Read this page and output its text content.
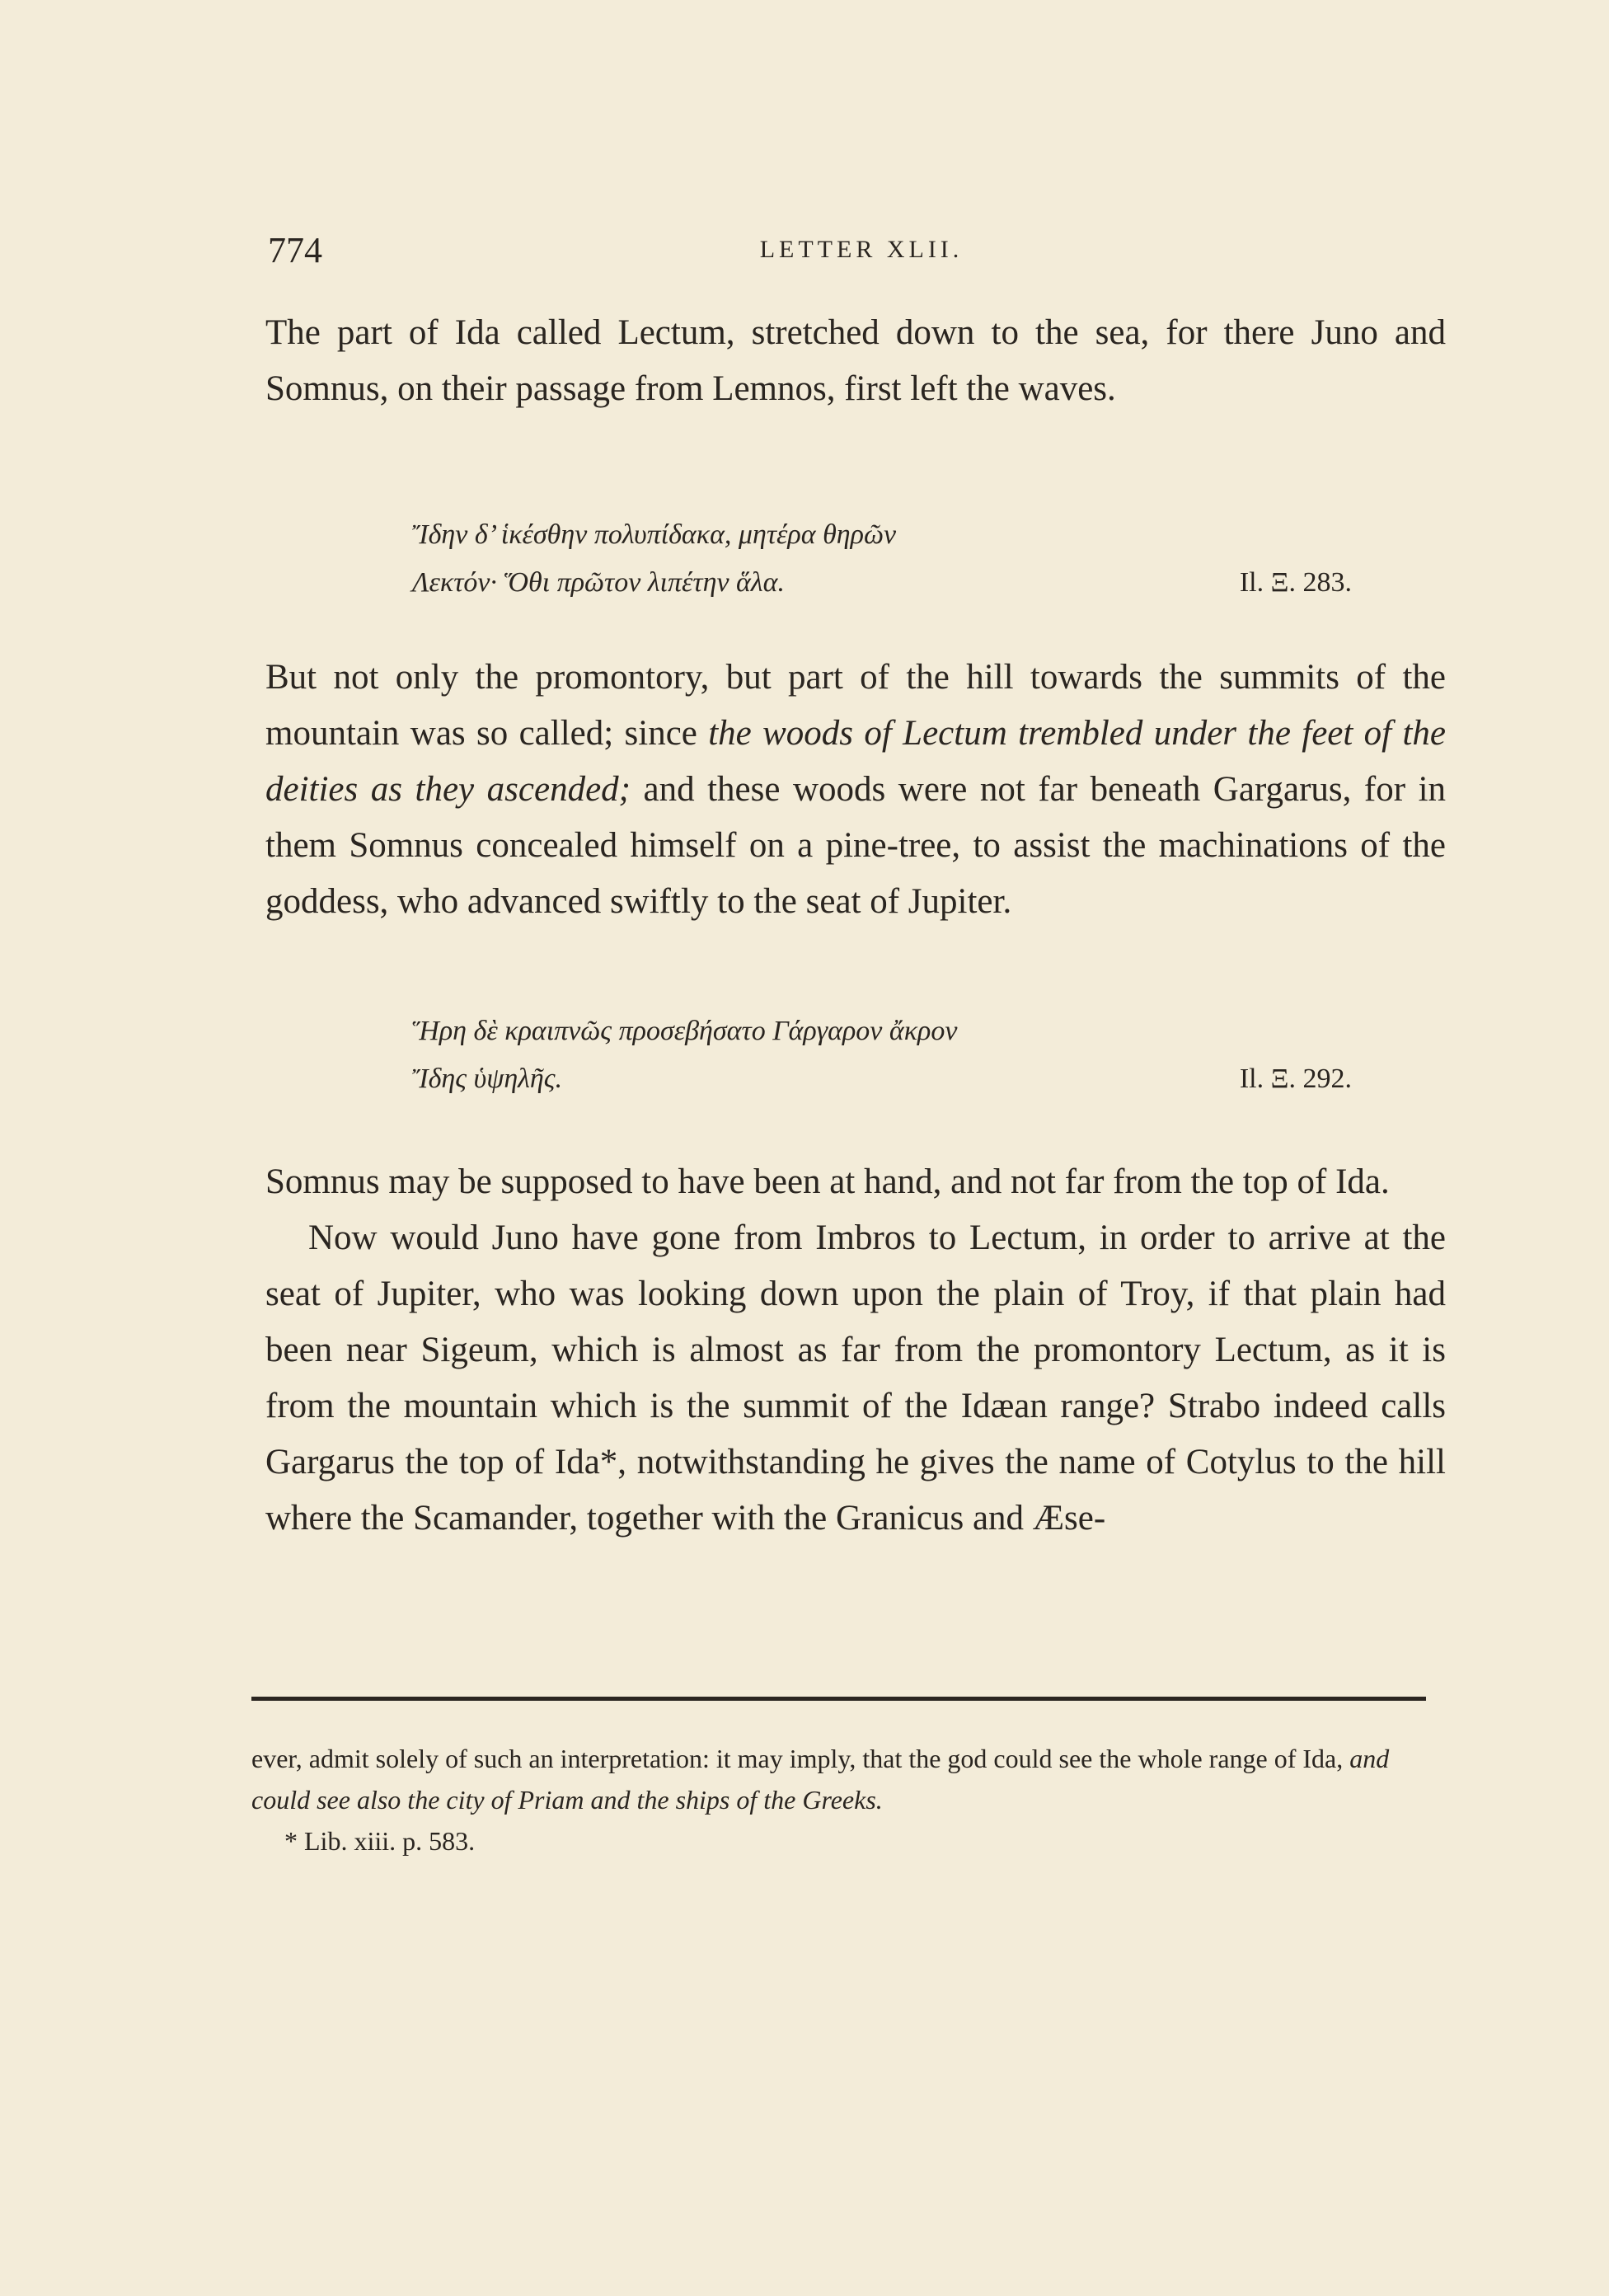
774	LETTER XLII.

The part of Ida called Lectum, stretched down to the sea, for there Juno and Somnus, on their passage from Lemnos, first left the waves.

Ἴδην δ’ ἱκέσθην πολυπίδακα, μητέρα θηρῶν
Λεκτόν· Ὅθι πρῶτον λιπέτην ἅλα.	Il. Ξ. 283.

But not only the promontory, but part of the hill towards the summits of the mountain was so called; since the woods of Lectum trembled under the feet of the deities as they ascended; and these woods were not far beneath Gargarus, for in them Somnus concealed himself on a pine-tree, to assist the machinations of the goddess, who advanced swiftly to the seat of Jupiter.

Ἥρη δὲ κραιπνῶς προσεβήσατο Γάργαρον ἄκρον
Ἴδης ὑψηλῆς.	Il. Ξ. 292.

Somnus may be supposed to have been at hand, and not far from the top of Ida.

Now would Juno have gone from Imbros to Lectum, in order to arrive at the seat of Jupiter, who was looking down upon the plain of Troy, if that plain had been near Sigeum, which is almost as far from the promontory Lectum, as it is from the mountain which is the summit of the Idæan range? Strabo indeed calls Gargarus the top of Ida*, notwithstanding he gives the name of Cotylus to the hill where the Scamander, together with the Granicus and Æse-

ever, admit solely of such an interpretation: it may imply, that the god could see the whole range of Ida, and could see also the city of Priam and the ships of the Greeks.

* Lib. xiii. p. 583.
